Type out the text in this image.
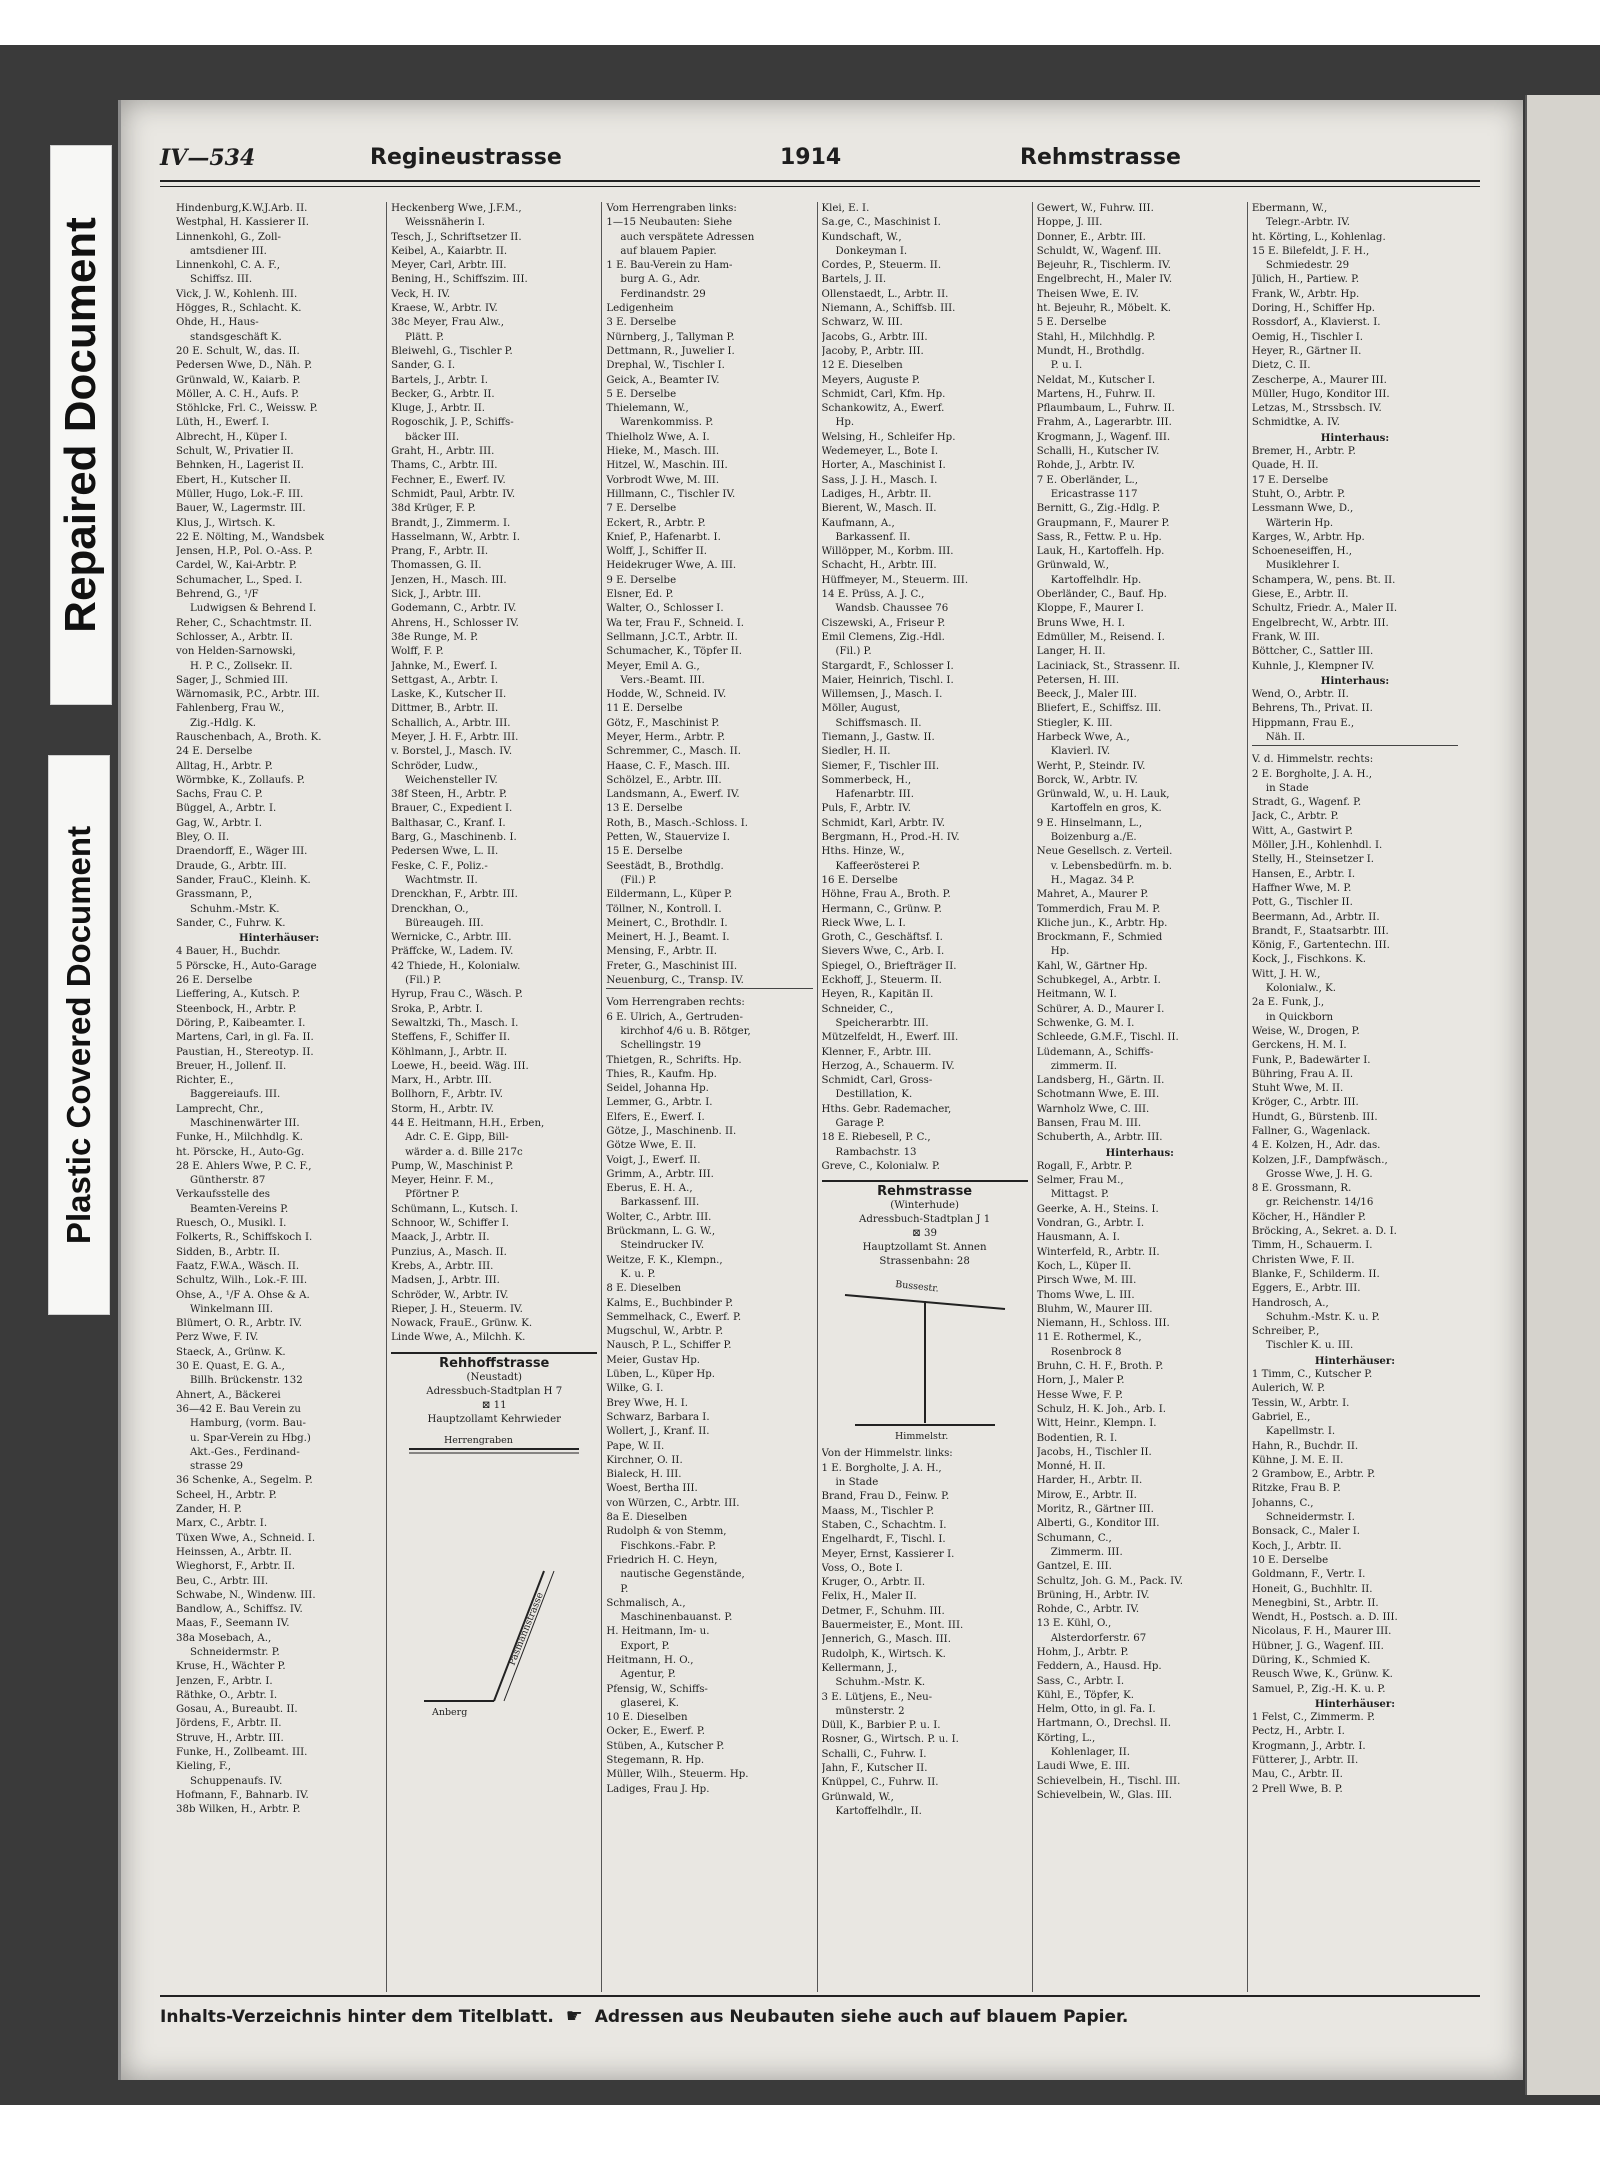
Repaired Document
Plastic Covered Document
IV—534	Regineustrasse	1914	Rehmstrasse
Hindenburg,K.W.J.Arb. II.
Westphal, H. Kassierer II.
Linnenkohl, G., Zoll-
amtsdiener III.
Linnenkohl, C. A. F.,
Schiffsz. III.
Vick, J. W., Kohlenh. III.
Högges, R., Schlacht. K.
Ohde, H., Haus-
standsgeschäft K.
20 E. Schult, W., das. II.
Pedersen Wwe, D., Näh. P.
Grünwald, W., Kaiarb. P.
Möller, A. C. H., Aufs. P.
Stöhlcke, Frl. C., Weissw. P.
Lüth, H., Ewerf. I.
Albrecht, H., Küper I.
Schult, W., Privatier II.
Behnken, H., Lagerist II.
Ebert, H., Kutscher II.
Müller, Hugo, Lok.-F. III.
Bauer, W., Lagermstr. III.
Klus, J., Wirtsch. K.
22 E. Nölting, M., Wandsbek
Jensen, H.P., Pol. O.-Ass. P.
Cardel, W., Kai-Arbtr. P.
Schumacher, L., Sped. I.
Behrend, G., ¹/F
Ludwigsen & Behrend I.
Reher, C., Schachtmstr. II.
Schlosser, A., Arbtr. II.
von Helden-Sarnowski,
H. P. C., Zollsekr. II.
Sager, J., Schmied III.
Wärnomasik, P.C., Arbtr. III.
Fahlenberg, Frau W.,
Zig.-Hdlg. K.
Rauschenbach, A., Broth. K.
24 E. Derselbe
Alltag, H., Arbtr. P.
Wörmbke, K., Zollaufs. P.
Sachs, Frau C. P.
Büggel, A., Arbtr. I.
Gag, W., Arbtr. I.
Bley, O. II.
Draendorff, E., Wäger III.
Draude, G., Arbtr. III.
Sander, FrauC., Kleinh. K.
Grassmann, P.,
Schuhm.-Mstr. K.
Sander, C., Fuhrw. K.
Hinterhäuser:
4 Bauer, H., Buchdr.
5 Pörscke, H., Auto-Garage
26 E. Derselbe
Lieffering, A., Kutsch. P.
Steenbock, H., Arbtr. P.
Döring, P., Kaibeamter. I.
Martens, Carl, in gl. Fa. II.
Paustian, H., Stereotyp. II.
Breuer, H., Jollenf. II.
Richter, E.,
Baggereiaufs. III.
Lamprecht, Chr.,
Maschinenwärter III.
Funke, H., Milchhdlg. K.
ht. Pörscke, H., Auto-Gg.
28 E. Ahlers Wwe, P. C. F.,
Güntherstr. 87
Verkaufsstelle des
Beamten-Vereins P.
Ruesch, O., Musikl. I.
Folkerts, R., Schiffskoch I.
Sidden, B., Arbtr. II.
Faatz, F.W.A., Wäsch. II.
Schultz, Wilh., Lok.-F. III.
Ohse, A., ¹/F A. Ohse & A.
Winkelmann III.
Blümert, O. R., Arbtr. IV.
Perz Wwe, F. IV.
Staeck, A., Grünw. K.
30 E. Quast, E. G. A.,
Billh. Brückenstr. 132
Ahnert, A., Bäckerei
36—42 E. Bau Verein zu
Hamburg, (vorm. Bau-
u. Spar-Verein zu Hbg.)
Akt.-Ges., Ferdinand-
strasse 29
36 Schenke, A., Segelm. P.
Scheel, H., Arbtr. P.
Zander, H. P.
Marx, C., Arbtr. I.
Tüxen Wwe, A., Schneid. I.
Heinssen, A., Arbtr. II.
Wieghorst, F., Arbtr. II.
Beu, C., Arbtr. III.
Schwabe, N., Windenw. III.
Bandlow, A., Schiffsz. IV.
Maas, F., Seemann IV.
38a Mosebach, A.,
Schneidermstr. P.
Kruse, H., Wächter P.
Jenzen, F., Arbtr. I.
Räthke, O., Arbtr. I.
Gosau, A., Bureaubt. II.
Jördens, F., Arbtr. II.
Struve, H., Arbtr. III.
Funke, H., Zollbeamt. III.
Kieling, F.,
Schuppenaufs. IV.
Hofmann, F., Bahnarb. IV.
38b Wilken, H., Arbtr. P.
Heckenberg Wwe, J.F.M.,
Weissnäherin I.
Tesch, J., Schriftsetzer II.
Keibel, A., Kaiarbtr. II.
Meyer, Carl, Arbtr. III.
Bening, H., Schiffszim. III.
Veck, H. IV.
Kraese, W., Arbtr. IV.
38c Meyer, Frau Alw.,
Plätt. P.
Bleiwehl, G., Tischler P.
Sander, G. I.
Bartels, J., Arbtr. I.
Becker, G., Arbtr. II.
Kluge, J., Arbtr. II.
Rogoschik, J. P., Schiffs-
bäcker III.
Graht, H., Arbtr. III.
Thams, C., Arbtr. III.
Fechner, E., Ewerf. IV.
Schmidt, Paul, Arbtr. IV.
38d Krüger, F. P.
Brandt, J., Zimmerm. I.
Hasselmann, W., Arbtr. I.
Prang, F., Arbtr. II.
Thomassen, G. II.
Jenzen, H., Masch. III.
Sick, J., Arbtr. III.
Godemann, C., Arbtr. IV.
Ahrens, H., Schlosser IV.
38e Runge, M. P.
Wolff, F. P.
Jahnke, M., Ewerf. I.
Settgast, A., Arbtr. I.
Laske, K., Kutscher II.
Dittmer, B., Arbtr. II.
Schallich, A., Arbtr. III.
Meyer, J. H. F., Arbtr. III.
v. Borstel, J., Masch. IV.
Schröder, Ludw.,
Weichensteller IV.
38f Steen, H., Arbtr. P.
Brauer, C., Expedient I.
Balthasar, C., Kranf. I.
Barg, G., Maschinenb. I.
Pedersen Wwe, L. II.
Feske, C. F., Poliz.-
Wachtmstr. II.
Drenckhan, F., Arbtr. III.
Drenckhan, O.,
Büreaugeh. III.
Wernicke, C., Arbtr. III.
Präffcke, W., Ladem. IV.
42 Thiede, H., Kolonialw.
(Fil.) P.
Hyrup, Frau C., Wäsch. P.
Sroka, P., Arbtr. I.
Sewaltzki, Th., Masch. I.
Steffens, F., Schiffer II.
Köhlmann, J., Arbtr. II.
Loewe, H., beeid. Wäg. III.
Marx, H., Arbtr. III.
Bollhorn, F., Arbtr. IV.
Storm, H., Arbtr. IV.
44 E. Heitmann, H.H., Erben,
Adr. C. E. Gipp, Bill-
wärder a. d. Bille 217c
Pump, W., Maschinist P.
Meyer, Heinr. F. M.,
Pförtner P.
Schümann, L., Kutsch. I.
Schnoor, W., Schiffer I.
Maack, J., Arbtr. II.
Punzius, A., Masch. II.
Krebs, A., Arbtr. III.
Madsen, J., Arbtr. III.
Schröder, W., Arbtr. IV.
Rieper, J. H., Steuerm. IV.
Nowack, FrauE., Grünw. K.
Linde Wwe, A., Milchh. K.
Rehhoffstrasse
(Neustadt)
Adressbuch-Stadtplan H 7
⊠ 11
Hauptzollamt Kehrwieder
Herrengraben
Pasmannstrasse
Anberg
Vom Herrengraben links:
1—15 Neubauten: Siehe
auch verspätete Adressen
auf blauem Papier.
1 E. Bau-Verein zu Ham-
burg A. G., Adr.
Ferdinandstr. 29
Ledigenheim
3 E. Derselbe
Nürnberg, J., Tallyman P.
Dettmann, R., Juwelier I.
Drephal, W., Tischler I.
Geick, A., Beamter IV.
5 E. Derselbe
Thielemann, W.,
Warenkommiss. P.
Thielholz Wwe, A. I.
Hieke, M., Masch. III.
Hitzel, W., Maschin. III.
Vorbrodt Wwe, M. III.
Hillmann, C., Tischler IV.
7 E. Derselbe
Eckert, R., Arbtr. P.
Knief, P., Hafenarbt. I.
Wolff, J., Schiffer II.
Heidekruger Wwe, A. III.
9 E. Derselbe
Elsner, Ed. P.
Walter, O., Schlosser I.
Wa ter, Frau F., Schneid. I.
Sellmann, J.C.T., Arbtr. II.
Schumacher, K., Töpfer II.
Meyer, Emil A. G.,
Vers.-Beamt. III.
Hodde, W., Schneid. IV.
11 E. Derselbe
Götz, F., Maschinist P.
Meyer, Herm., Arbtr. P.
Schremmer, C., Masch. II.
Haase, C. F., Masch. III.
Schölzel, E., Arbtr. III.
Landsmann, A., Ewerf. IV.
13 E. Derselbe
Roth, B., Masch.-Schloss. I.
Petten, W., Stauervize I.
15 E. Derselbe
Seestädt, B., Brothdlg.
(Fil.) P.
Eildermann, L., Küper P.
Töllner, N., Kontroll. I.
Meinert, C., Brothdlr. I.
Meinert, H. J., Beamt. I.
Mensing, F., Arbtr. II.
Freter, G., Maschinist III.
Neuenburg, C., Transp. IV.
Vom Herrengraben rechts:
6 E. Ulrich, A., Gertruden-
kirchhof 4/6 u. B. Rötger,
Schellingstr. 19
Thietgen, R., Schrifts. Hp.
Thies, R., Kaufm. Hp.
Seidel, Johanna Hp.
Lemmer, G., Arbtr. I.
Elfers, E., Ewerf. I.
Götze, J., Maschinenb. II.
Götze Wwe, E. II.
Voigt, J., Ewerf. II.
Grimm, A., Arbtr. III.
Eberus, E. H. A.,
Barkassenf. III.
Wolter, C., Arbtr. III.
Brückmann, L. G. W.,
Steindrucker IV.
Weitze, F. K., Klempn.,
K. u. P.
8 E. Dieselben
Kalms, E., Buchbinder P.
Semmelhack, C., Ewerf. P.
Mugschul, W., Arbtr. P.
Nausch, P. L., Schiffer P.
Meier, Gustav Hp.
Lüben, L., Küper Hp.
Wilke, G. I.
Brey Wwe, H. I.
Schwarz, Barbara I.
Wollert, J., Kranf. II.
Pape, W. II.
Kirchner, O. II.
Bialeck, H. III.
Woest, Bertha III.
von Würzen, C., Arbtr. III.
8a E. Dieselben
Rudolph & von Stemm,
Fischkons.-Fabr. P.
Friedrich H. C. Heyn,
nautische Gegenstände,
P.
Schmalisch, A.,
Maschinenbauanst. P.
H. Heitmann, Im- u.
Export, P.
Heitmann, H. O.,
Agentur, P.
Pfensig, W., Schiffs-
glaserei, K.
10 E. Dieselben
Ocker, E., Ewerf. P.
Stüben, A., Kutscher P.
Stegemann, R. Hp.
Müller, Wilh., Steuerm. Hp.
Ladiges, Frau J. Hp.
Klei, E. I.
Sa.ge, C., Maschinist I.
Kundschaft, W.,
Donkeyman I.
Cordes, P., Steuerm. II.
Bartels, J. II.
Ollenstaedt, L., Arbtr. II.
Niemann, A., Schiffsb. III.
Schwarz, W. III.
Jacobs, G., Arbtr. III.
Jacoby, P., Arbtr. III.
12 E. Dieselben
Meyers, Auguste P.
Schmidt, Carl, Kfm. Hp.
Schankowitz, A., Ewerf.
Hp.
Welsing, H., Schleifer Hp.
Wedemeyer, L., Bote I.
Horter, A., Maschinist I.
Sass, J. J. H., Masch. I.
Ladiges, H., Arbtr. II.
Bierent, W., Masch. II.
Kaufmann, A.,
Barkassenf. II.
Willöpper, M., Korbm. III.
Schacht, H., Arbtr. III.
Hüffmeyer, M., Steuerm. III.
14 E. Prüss, A. J. C.,
Wandsb. Chaussee 76
Ciszewski, A., Friseur P.
Emil Clemens, Zig.-Hdl.
(Fil.) P.
Stargardt, F., Schlosser I.
Maier, Heinrich, Tischl. I.
Willemsen, J., Masch. I.
Möller, August,
Schiffsmasch. II.
Tiemann, J., Gastw. II.
Siedler, H. II.
Siemer, F., Tischler III.
Sommerbeck, H.,
Hafenarbtr. III.
Puls, F., Arbtr. IV.
Schmidt, Karl, Arbtr. IV.
Bergmann, H., Prod.-H. IV.
Hths. Hinze, W.,
Kaffeerösterei P.
16 E. Derselbe
Höhne, Frau A., Broth. P.
Hermann, C., Grünw. P.
Rieck Wwe, L. I.
Groth, C., Geschäftsf. I.
Sievers Wwe, C., Arb. I.
Spiegel, O., Briefträger II.
Eckhoff, J., Steuerm. II.
Heyen, R., Kapitän II.
Schneider, C.,
Speicherarbtr. III.
Mützelfeldt, H., Ewerf. III.
Klenner, F., Arbtr. III.
Herzog, A., Schauerm. IV.
Schmidt, Carl, Gross-
Destillation, K.
Hths. Gebr. Rademacher,
Garage P.
18 E. Riebesell, P. C.,
Rambachstr. 13
Greve, C., Kolonialw. P.
Rehmstrasse
(Winterhude)
Adressbuch-Stadtplan J 1
⊠ 39
Hauptzollamt St. Annen
Strassenbahn: 28
Bussestr.
Himmelstr.
Von der Himmelstr. links:
1 E. Borgholte, J. A. H.,
in Stade
Brand, Frau D., Feinw. P.
Maass, M., Tischler P.
Staben, C., Schachtm. I.
Engelhardt, F., Tischl. I.
Meyer, Ernst, Kassierer I.
Voss, O., Bote I.
Kruger, O., Arbtr. II.
Felix, H., Maler II.
Detmer, F., Schuhm. III.
Bauermeister, E., Mont. III.
Jennerich, G., Masch. III.
Rudolph, K., Wirtsch. K.
Kellermann, J.,
Schuhm.-Mstr. K.
3 E. Lütjens, E., Neu-
münsterstr. 2
Düll, K., Barbier P. u. I.
Rosner, G., Wirtsch. P. u. I.
Schalli, C., Fuhrw. I.
Jahn, F., Kutscher II.
Knüppel, C., Fuhrw. II.
Grünwald, W.,
Kartoffelhdlr., II.
Gewert, W., Fuhrw. III.
Hoppe, J. III.
Donner, E., Arbtr. III.
Schuldt, W., Wagenf. III.
Bejeuhr, R., Tischlerm. IV.
Engelbrecht, H., Maler IV.
Theisen Wwe, E. IV.
ht. Bejeuhr, R., Möbelt. K.
5 E. Derselbe
Stahl, H., Milchhdlg. P.
Mundt, H., Brothdlg.
P. u. I.
Neldat, M., Kutscher I.
Martens, H., Fuhrw. II.
Pflaumbaum, L., Fuhrw. II.
Frahm, A., Lagerarbtr. III.
Krogmann, J., Wagenf. III.
Schalli, H., Kutscher IV.
Rohde, J., Arbtr. IV.
7 E. Oberländer, L.,
Ericastrasse 117
Bernitt, G., Zig.-Hdlg. P.
Graupmann, F., Maurer P.
Sass, R., Fettw. P. u. Hp.
Lauk, H., Kartoffelh. Hp.
Grünwald, W.,
Kartoffelhdlr. Hp.
Oberländer, C., Bauf. Hp.
Kloppe, F., Maurer I.
Bruns Wwe, H. I.
Edmüller, M., Reisend. I.
Langer, H. II.
Laciniack, St., Strassenr. II.
Petersen, H. III.
Beeck, J., Maler III.
Bliefert, E., Schiffsz. III.
Stiegler, K. III.
Harbeck Wwe, A.,
Klavierl. IV.
Werht, P., Steindr. IV.
Borck, W., Arbtr. IV.
Grünwald, W., u. H. Lauk,
Kartoffeln en gros, K.
9 E. Hinselmann, L.,
Boizenburg a./E.
Neue Gesellsch. z. Verteil.
v. Lebensbedürfn. m. b.
H., Magaz. 34 P.
Mahret, A., Maurer P.
Tommerdich, Frau M. P.
Kliche jun., K., Arbtr. Hp.
Brockmann, F., Schmied
Hp.
Kahl, W., Gärtner Hp.
Schubkegel, A., Arbtr. I.
Heitmann, W. I.
Schürer, A. D., Maurer I.
Schwenke, G. M. I.
Schleede, G.M.F., Tischl. II.
Lüdemann, A., Schiffs-
zimmerm. II.
Landsberg, H., Gärtn. II.
Schotmann Wwe, E. III.
Warnholz Wwe, C. III.
Bansen, Frau M. III.
Schuberth, A., Arbtr. III.
Hinterhaus:
Rogall, F., Arbtr. P.
Selmer, Frau M.,
Mittagst. P.
Geerke, A. H., Steins. I.
Vondran, G., Arbtr. I.
Hausmann, A. I.
Winterfeld, R., Arbtr. II.
Koch, L., Küper II.
Pirsch Wwe, M. III.
Thoms Wwe, L. III.
Bluhm, W., Maurer III.
Niemann, H., Schloss. III.
11 E. Rothermel, K.,
Rosenbrock 8
Bruhn, C. H. F., Broth. P.
Horn, J., Maler P.
Hesse Wwe, F. P.
Schulz, H. K. Joh., Arb. I.
Witt, Heinr., Klempn. I.
Bodentien, R. I.
Jacobs, H., Tischler II.
Monné, H. II.
Harder, H., Arbtr. II.
Mirow, E., Arbtr. II.
Moritz, R., Gärtner III.
Alberti, G., Konditor III.
Schumann, C.,
Zimmerm. III.
Gantzel, E. III.
Schultz, Joh. G. M., Pack. IV.
Brüning, H., Arbtr. IV.
Rohde, C., Arbtr. IV.
13 E. Kühl, O.,
Alsterdorferstr. 67
Hohm, J., Arbtr. P.
Feddern, A., Hausd. Hp.
Sass, C., Arbtr. I.
Kühl, E., Töpfer, K.
Helm, Otto, in gl. Fa. I.
Hartmann, O., Drechsl. II.
Körting, L.,
Kohlenlager, II.
Laudi Wwe, E. III.
Schievelbein, H., Tischl. III.
Schievelbein, W., Glas. III.
Ebermann, W.,
Telegr.-Arbtr. IV.
ht. Körting, L., Kohlenlag.
15 E. Bilefeldt, J. F. H.,
Schmiedestr. 29
Jülich, H., Partiew. P.
Frank, W., Arbtr. Hp.
Doring, H., Schiffer Hp.
Rossdorf, A., Klavierst. I.
Oemig, H., Tischler I.
Heyer, R., Gärtner II.
Dietz, C. II.
Zescherpe, A., Maurer III.
Müller, Hugo, Konditor III.
Letzas, M., Strssbsch. IV.
Schmidtke, A. IV.
Hinterhaus:
Bremer, H., Arbtr. P.
Quade, H. II.
17 E. Derselbe
Stuht, O., Arbtr. P.
Lessmann Wwe, D.,
Wärterin Hp.
Karges, W., Arbtr. Hp.
Schoeneseiffen, H.,
Musiklehrer I.
Schampera, W., pens. Bt. II.
Giese, E., Arbtr. II.
Schultz, Friedr. A., Maler II.
Engelbrecht, W., Arbtr. III.
Frank, W. III.
Böttcher, C., Sattler III.
Kuhnle, J., Klempner IV.
Hinterhaus:
Wend, O., Arbtr. II.
Behrens, Th., Privat. II.
Hippmann, Frau E.,
Näh. II.
V. d. Himmelstr. rechts:
2 E. Borgholte, J. A. H.,
in Stade
Stradt, G., Wagenf. P.
Jack, C., Arbtr. P.
Witt, A., Gastwirt P.
Möller, J.H., Kohlenhdl. I.
Stelly, H., Steinsetzer I.
Hansen, E., Arbtr. I.
Haffner Wwe, M. P.
Pott, G., Tischler II.
Beermann, Ad., Arbtr. II.
Brandt, F., Staatsarbtr. III.
König, F., Gartentechn. III.
Kock, J., Fischkons. K.
Witt, J. H. W.,
Kolonialw., K.
2a E. Funk, J.,
in Quickborn
Weise, W., Drogen, P.
Gerckens, H. M. I.
Funk, P., Badewärter I.
Bühring, Frau A. II.
Stuht Wwe, M. II.
Kröger, C., Arbtr. III.
Hundt, G., Bürstenb. III.
Fallner, G., Wagenlack.
4 E. Kolzen, H., Adr. das.
Kolzen, J.F., Dampfwäsch.,
Grosse Wwe, J. H. G.
8 E. Grossmann, R.
gr. Reichenstr. 14/16
Köcher, H., Händler P.
Bröcking, A., Sekret. a. D. I.
Timm, H., Schauerm. I.
Christen Wwe, F. II.
Blanke, F., Schilderm. II.
Eggers, E., Arbtr. III.
Handrosch, A.,
Schuhm.-Mstr. K. u. P.
Schreiber, P.,
Tischler K. u. III.
Hinterhäuser:
1 Timm, C., Kutscher P.
Aulerich, W. P.
Tessin, W., Arbtr. I.
Gabriel, E.,
Kapellmstr. I.
Hahn, R., Buchdr. II.
Kühne, J. M. E. II.
2 Grambow, E., Arbtr. P.
Ritzke, Frau B. P.
Johanns, C.,
Schneidermstr. I.
Bonsack, C., Maler I.
Koch, J., Arbtr. II.
10 E. Derselbe
Goldmann, F., Vertr. I.
Honeit, G., Buchhltr. II.
Menegbini, St., Arbtr. II.
Wendt, H., Postsch. a. D. III.
Nicolaus, F. H., Maurer III.
Hübner, J. G., Wagenf. III.
Düring, K., Schmied K.
Reusch Wwe, K., Grünw. K.
Samuel, P., Zig.-H. K. u. P.
Hinterhäuser:
1 Felst, C., Zimmerm. P.
Pectz, H., Arbtr. I.
Krogmann, J., Arbtr. I.
Fütterer, J., Arbtr. II.
Mau, C., Arbtr. II.
2 Prell Wwe, B. P.
Inhalts-Verzeichnis hinter dem Titelblatt. ☛ Adressen aus Neubauten siehe auch auf blauem Papier.
